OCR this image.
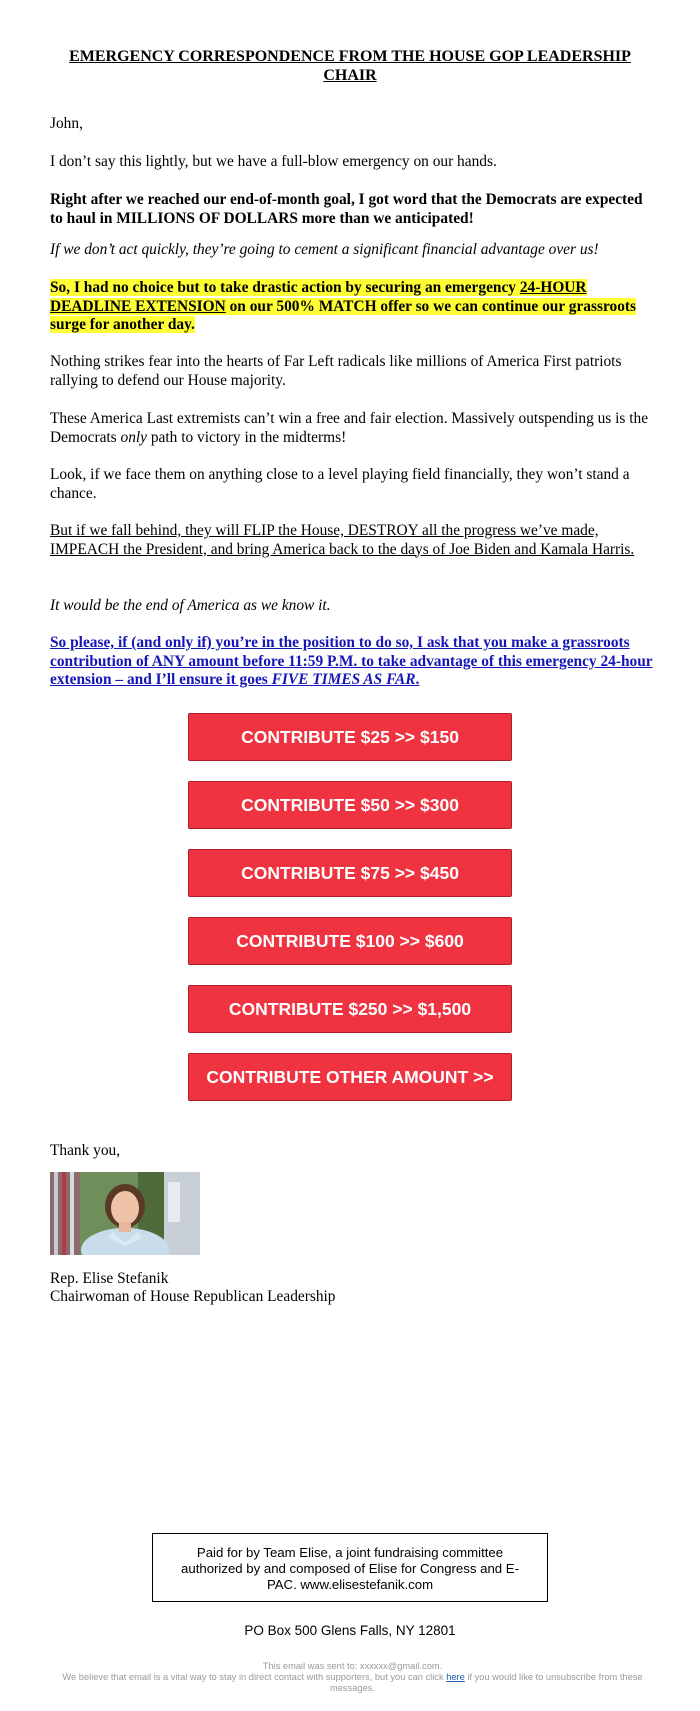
EMERGENCY CORRESPONDENCE FROM THE HOUSE GOP LEADERSHIP CHAIR
John,
I don’t say this lightly, but we have a full-blow emergency on our hands.
Right after we reached our end-of-month goal, I got word that the Democrats are expected to haul in MILLIONS OF DOLLARS more than we anticipated!
If we don’t act quickly, they’re going to cement a significant financial advantage over us!
So, I had no choice but to take drastic action by securing an emergency 24-HOUR DEADLINE EXTENSION on our 500% MATCH offer so we can continue our grassroots surge for another day.
Nothing strikes fear into the hearts of Far Left radicals like millions of America First patriots rallying to defend our House majority.
These America Last extremists can’t win a free and fair election. Massively outspending us is the Democrats only path to victory in the midterms!
Look, if we face them on anything close to a level playing field financially, they won’t stand a chance.
But if we fall behind, they will FLIP the House, DESTROY all the progress we’ve made, IMPEACH the President, and bring America back to the days of Joe Biden and Kamala Harris.
It would be the end of America as we know it.
So please, if (and only if) you’re in the position to do so, I ask that you make a grassroots contribution of ANY amount before 11:59 P.M. to take advantage of this emergency 24-hour extension – and I’ll ensure it goes FIVE TIMES AS FAR.
CONTRIBUTE $25 >> $150
CONTRIBUTE $50 >> $300
CONTRIBUTE $75 >> $450
CONTRIBUTE $100 >> $600
CONTRIBUTE $250 >> $1,500
CONTRIBUTE OTHER AMOUNT >>
Thank you,
Rep. Elise Stefanik
Chairwoman of House Republican Leadership
Paid for by Team Elise, a joint fundraising committee authorized by and composed of Elise for Congress and E-PAC. www.elisestefanik.com
PO Box 500 Glens Falls, NY 12801
This email was sent to: xxxxxx@gmail.com.
We believe that email is a vital way to stay in direct contact with supporters, but you can click here if you would like to unsubscribe from these messages.
